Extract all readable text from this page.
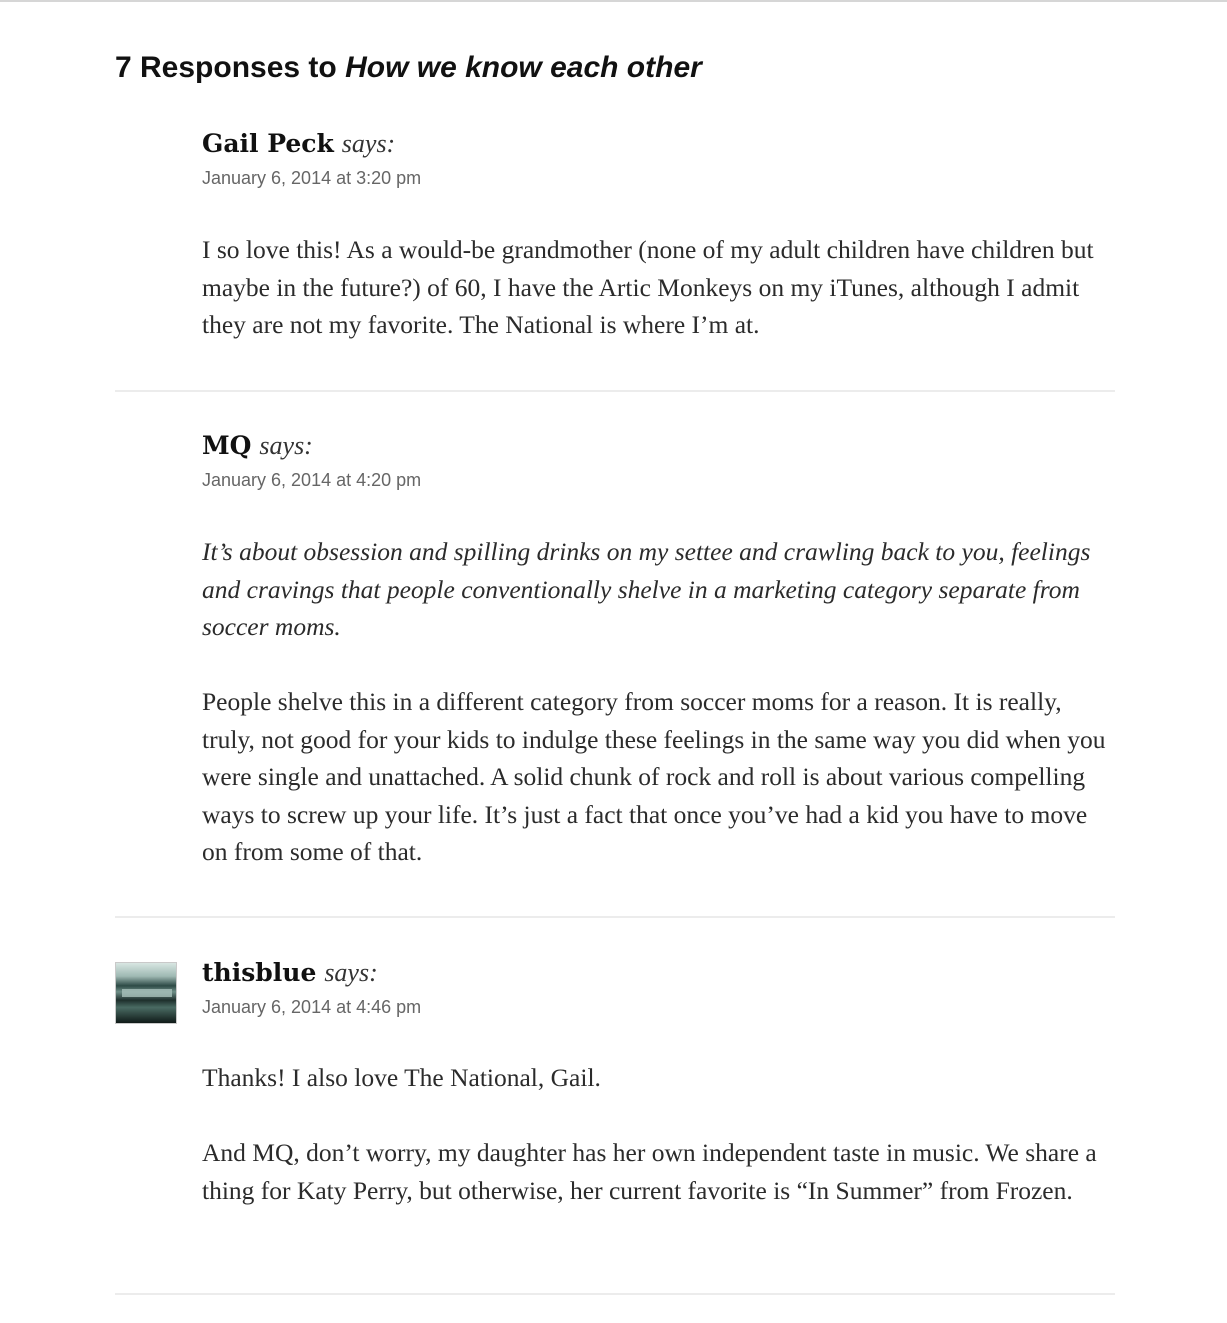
7 Responses to How we know each other
Gail Peck says:
January 6, 2014 at 3:20 pm

I so love this! As a would-be grandmother (none of my adult children have children but maybe in the future?) of 60, I have the Artic Monkeys on my iTunes, although I admit they are not my favorite. The National is where I’m at.

MQ says:
January 6, 2014 at 4:20 pm

It’s about obsession and spilling drinks on my settee and crawling back to you, feelings and cravings that people conventionally shelve in a marketing category separate from soccer moms.

People shelve this in a different category from soccer moms for a reason. It is really, truly, not good for your kids to indulge these feelings in the same way you did when you were single and unattached. A solid chunk of rock and roll is about various compelling ways to screw up your life. It’s just a fact that once you’ve had a kid you have to move on from some of that.

thisblue says:
January 6, 2014 at 4:46 pm

Thanks! I also love The National, Gail.

And MQ, don’t worry, my daughter has her own independent taste in music. We share a thing for Katy Perry, but otherwise, her current favorite is “In Summer” from Frozen.
